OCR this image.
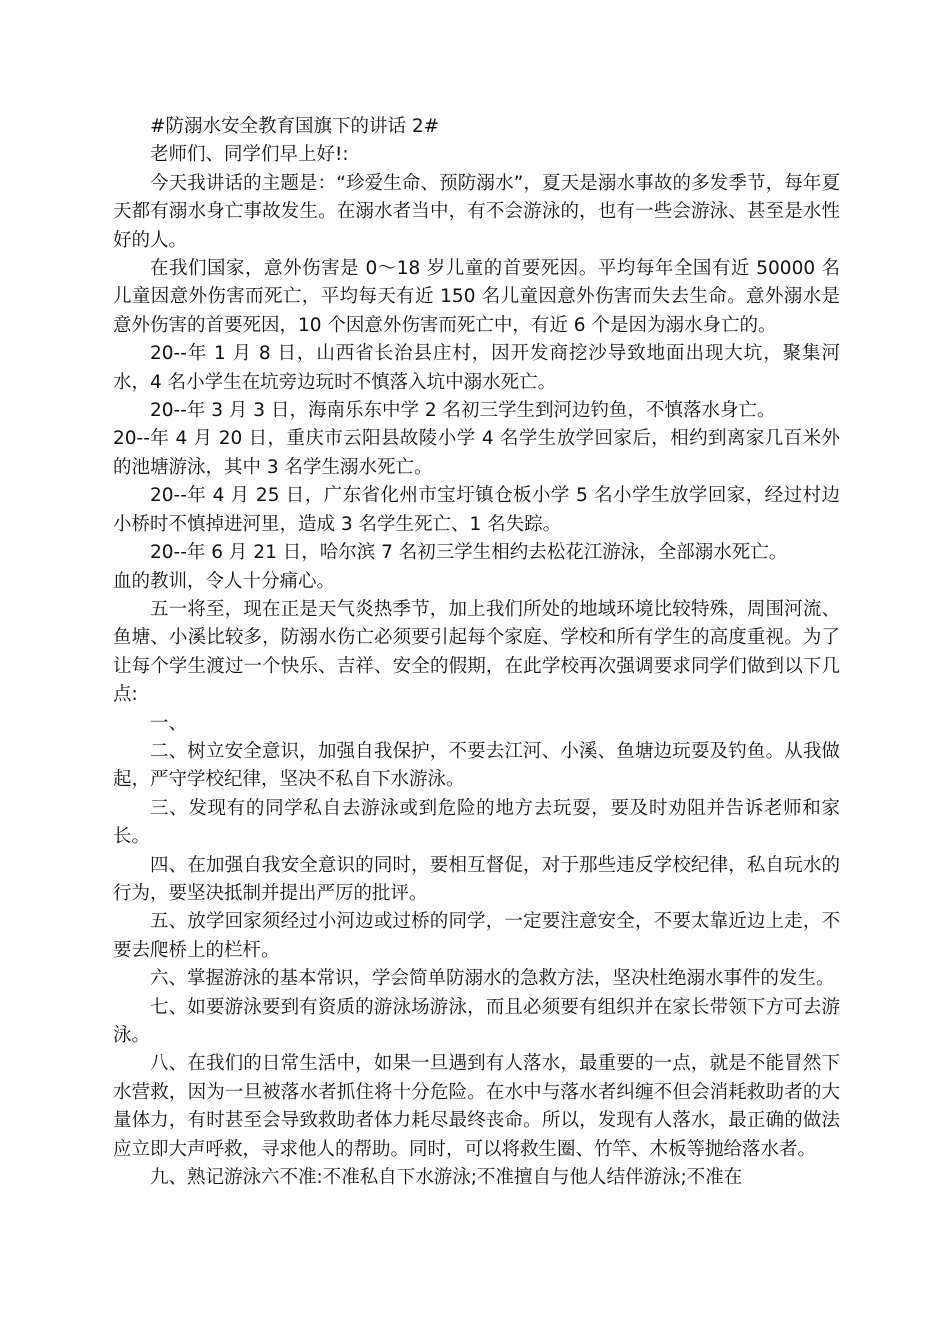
#防溺水安全教育国旗下的讲话 2#

老师们、同学们早上好!:

今天我讲话的主题是：“珍爱生命、预防溺水”，夏天是溺水事故的多发季节，每年夏天都有溺水身亡事故发生。在溺水者当中，有不会游泳的，也有一些会游泳、甚至是水性好的人。

在我们国家，意外伤害是 0～18 岁儿童的首要死因。平均每年全国有近 50000 名儿童因意外伤害而死亡，平均每天有近 150 名儿童因意外伤害而失去生命。意外溺水是意外伤害的首要死因，10 个因意外伤害而死亡中，有近 6 个是因为溺水身亡的。

20--年 1 月 8 日，山西省长治县庄村，因开发商挖沙导致地面出现大坑，聚集河水，4 名小学生在坑旁边玩时不慎落入坑中溺水死亡。

20--年 3 月 3 日，海南乐东中学 2 名初三学生到河边钓鱼，不慎落水身亡。

20--年 4 月 20 日，重庆市云阳县故陵小学 4 名学生放学回家后，相约到离家几百米外的池塘游泳，其中 3 名学生溺水死亡。

20--年 4 月 25 日，广东省化州市宝圩镇仓板小学 5 名小学生放学回家，经过村边小桥时不慎掉进河里，造成 3 名学生死亡、1 名失踪。

20--年 6 月 21 日，哈尔滨 7 名初三学生相约去松花江游泳，全部溺水死亡。

血的教训，令人十分痛心。

五一将至，现在正是天气炎热季节，加上我们所处的地域环境比较特殊，周围河流、鱼塘、小溪比较多，防溺水伤亡必须要引起每个家庭、学校和所有学生的高度重视。为了让每个学生渡过一个快乐、吉祥、安全的假期，在此学校再次强调要求同学们做到以下几点:

一、

二、树立安全意识，加强自我保护，不要去江河、小溪、鱼塘边玩耍及钓鱼。从我做起，严守学校纪律，坚决不私自下水游泳。

三、发现有的同学私自去游泳或到危险的地方去玩耍，要及时劝阻并告诉老师和家长。

四、在加强自我安全意识的同时，要相互督促，对于那些违反学校纪律，私自玩水的行为，要坚决抵制并提出严厉的批评。

五、放学回家须经过小河边或过桥的同学，一定要注意安全，不要太靠近边上走，不要去爬桥上的栏杆。

六、掌握游泳的基本常识，学会简单防溺水的急救方法，坚决杜绝溺水事件的发生。

七、如要游泳要到有资质的游泳场游泳，而且必须要有组织并在家长带领下方可去游泳。

八、在我们的日常生活中，如果一旦遇到有人落水，最重要的一点，就是不能冒然下水营救，因为一旦被落水者抓住将十分危险。在水中与落水者纠缠不但会消耗救助者的大量体力，有时甚至会导致救助者体力耗尽最终丧命。所以，发现有人落水，最正确的做法应立即大声呼救，寻求他人的帮助。同时，可以将救生圈、竹竿、木板等抛给落水者。

九、熟记游泳六不准:不准私自下水游泳;不准擅自与他人结伴游泳;不准在
